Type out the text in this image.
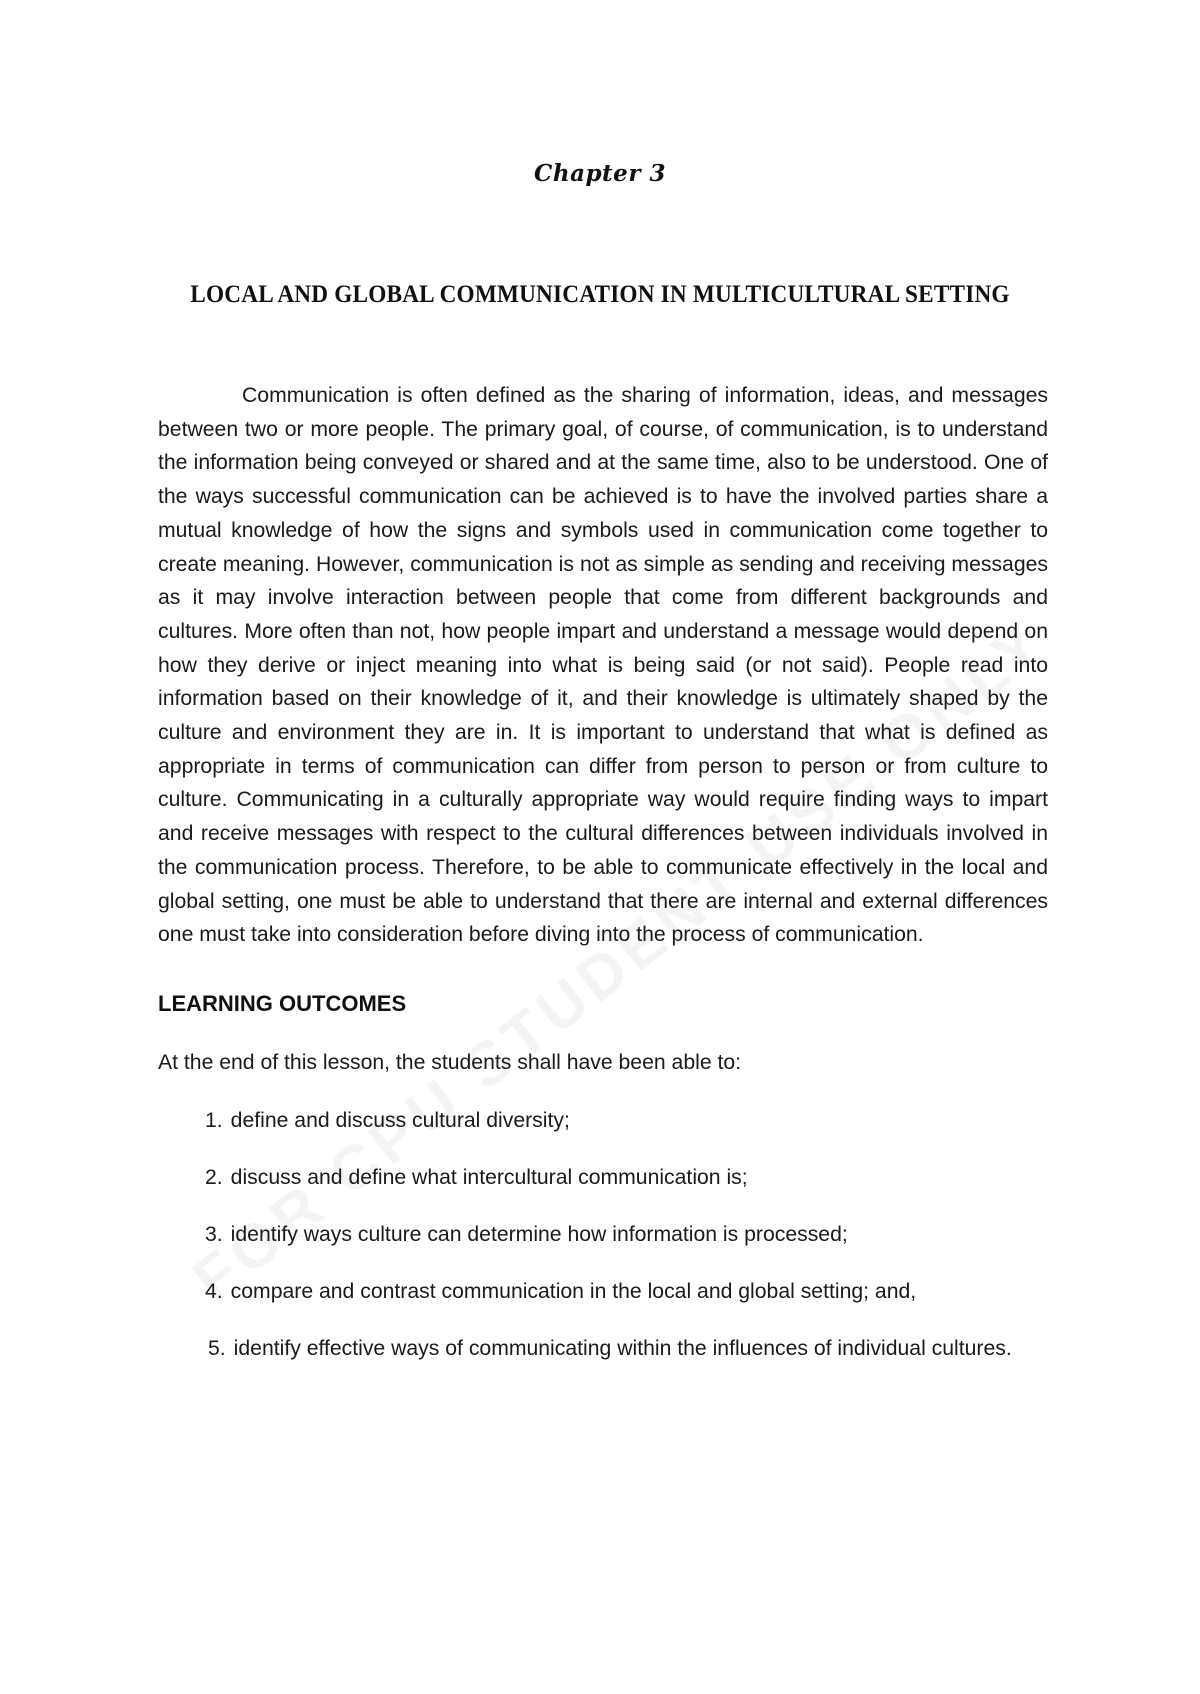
Chapter 3
LOCAL AND GLOBAL COMMUNICATION IN MULTICULTURAL SETTING

Communication is often defined as the sharing of information, ideas, and messages between two or more people. The primary goal, of course, of communication, is to understand the information being conveyed or shared and at the same time, also to be understood. One of the ways successful communication can be achieved is to have the involved parties share a mutual knowledge of how the signs and symbols used in communication come together to create meaning. However, communication is not as simple as sending and receiving messages as it may involve interaction between people that come from different backgrounds and cultures. More often than not, how people impart and understand a message would depend on how they derive or inject meaning into what is being said (or not said). People read into information based on their knowledge of it, and their knowledge is ultimately shaped by the culture and environment they are in. It is important to understand that what is defined as appropriate in terms of communication can differ from person to person or from culture to culture. Communicating in a culturally appropriate way would require finding ways to impart and receive messages with respect to the cultural differences between individuals involved in the communication process. Therefore, to be able to communicate effectively in the local and global setting, one must be able to understand that there are internal and external differences one must take into consideration before diving into the process of communication.

LEARNING OUTCOMES

At the end of this lesson, the students shall have been able to:

1. define and discuss cultural diversity;
2. discuss and define what intercultural communication is;
3. identify ways culture can determine how information is processed;
4. compare and contrast communication in the local and global setting; and,
5. identify effective ways of communicating within the influences of individual cultures.
